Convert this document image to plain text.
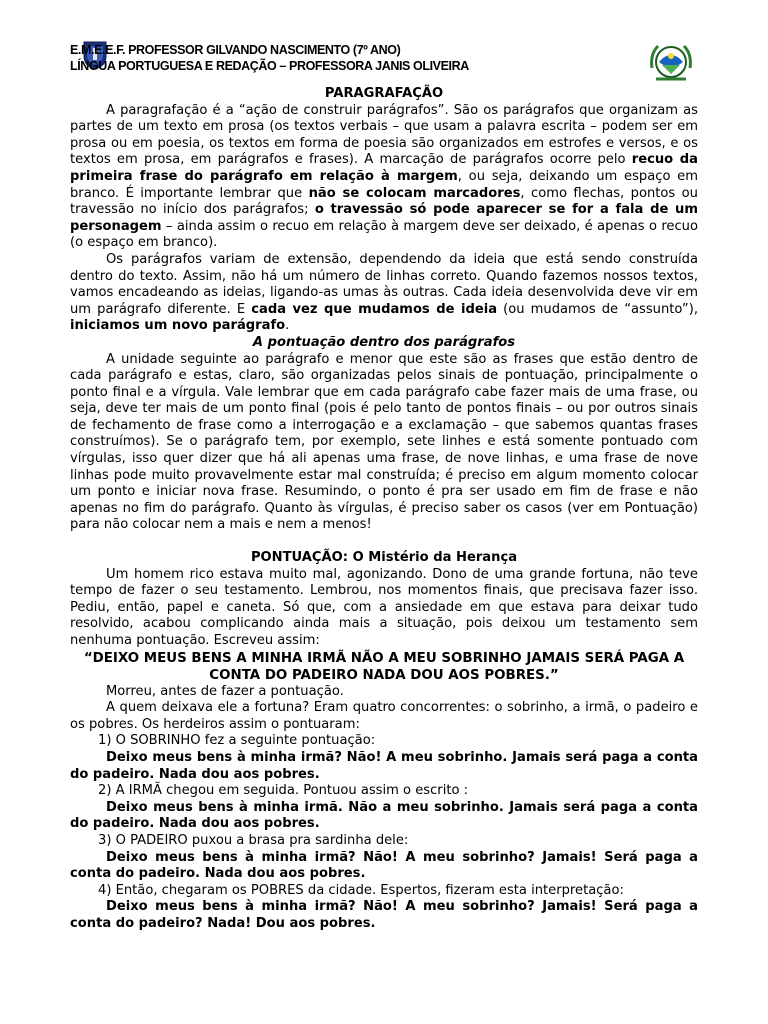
E.M.E.E.F. PROFESSOR GILVANDO NASCIMENTO (7º ANO)
LÍNGUA PORTUGUESA E REDAÇÃO – PROFESSORA JANIS OLIVEIRA

PARAGRAFAÇÃO

A paragrafação é a “ação de construir parágrafos”. São os parágrafos que organizam as partes de um texto em prosa (os textos verbais – que usam a palavra escrita – podem ser em prosa ou em poesia, os textos em forma de poesia são organizados em estrofes e versos, e os textos em prosa, em parágrafos e frases). A marcação de parágrafos ocorre pelo recuo da primeira frase do parágrafo em relação à margem, ou seja, deixando um espaço em branco. É importante lembrar que não se colocam marcadores, como flechas, pontos ou travessão no início dos parágrafos; o travessão só pode aparecer se for a fala de um personagem – ainda assim o recuo em relação à margem deve ser deixado, é apenas o recuo (o espaço em branco).

Os parágrafos variam de extensão, dependendo da ideia que está sendo construída dentro do texto. Assim, não há um número de linhas correto. Quando fazemos nossos textos, vamos encadeando as ideias, ligando-as umas às outras. Cada ideia desenvolvida deve vir em um parágrafo diferente. E cada vez que mudamos de ideia (ou mudamos de “assunto”), iniciamos um novo parágrafo.

A pontuação dentro dos parágrafos

A unidade seguinte ao parágrafo e menor que este são as frases que estão dentro de cada parágrafo e estas, claro, são organizadas pelos sinais de pontuação, principalmente o ponto final e a vírgula. Vale lembrar que em cada parágrafo cabe fazer mais de uma frase, ou seja, deve ter mais de um ponto final (pois é pelo tanto de pontos finais – ou por outros sinais de fechamento de frase como a interrogação e a exclamação – que sabemos quantas frases construímos). Se o parágrafo tem, por exemplo, sete linhes e está somente pontuado com vírgulas, isso quer dizer que há ali apenas uma frase, de nove linhas, e uma frase de nove linhas pode muito provavelmente estar mal construída; é preciso em algum momento colocar um ponto e iniciar nova frase. Resumindo, o ponto é pra ser usado em fim de frase e não apenas no fim do parágrafo. Quanto às vírgulas, é preciso saber os casos (ver em Pontuação) para não colocar nem a mais e nem a menos!

PONTUAÇÃO: O Mistério da Herança

Um homem rico estava muito mal, agonizando. Dono de uma grande fortuna, não teve tempo de fazer o seu testamento. Lembrou, nos momentos finais, que precisava fazer isso. Pediu, então, papel e caneta. Só que, com a ansiedade em que estava para deixar tudo resolvido, acabou complicando ainda mais a situação, pois deixou um testamento sem nenhuma pontuação. Escreveu assim:

“DEIXO MEUS BENS A MINHA IRMÃ NÃO A MEU SOBRINHO JAMAIS SERÁ PAGA A CONTA DO PADEIRO NADA DOU AOS POBRES.”

Morreu, antes de fazer a pontuação.

A quem deixava ele a fortuna? Eram quatro concorrentes: o sobrinho, a irmã, o padeiro e os pobres. Os herdeiros assim o pontuaram:

1) O SOBRINHO fez a seguinte pontuação:

Deixo meus bens à minha irmã? Não! A meu sobrinho. Jamais será paga a conta do padeiro. Nada dou aos pobres.

2) A IRMÃ chegou em seguida. Pontuou assim o escrito :

Deixo meus bens à minha irmã. Não a meu sobrinho. Jamais será paga a conta do padeiro. Nada dou aos pobres.

3) O PADEIRO puxou a brasa pra sardinha dele:

Deixo meus bens à minha irmã? Não! A meu sobrinho? Jamais! Será paga a conta do padeiro. Nada dou aos pobres.

4) Então, chegaram os POBRES da cidade. Espertos, fizeram esta interpretação:

Deixo meus bens à minha irmã? Não! A meu sobrinho? Jamais! Será paga a conta do padeiro? Nada! Dou aos pobres.
